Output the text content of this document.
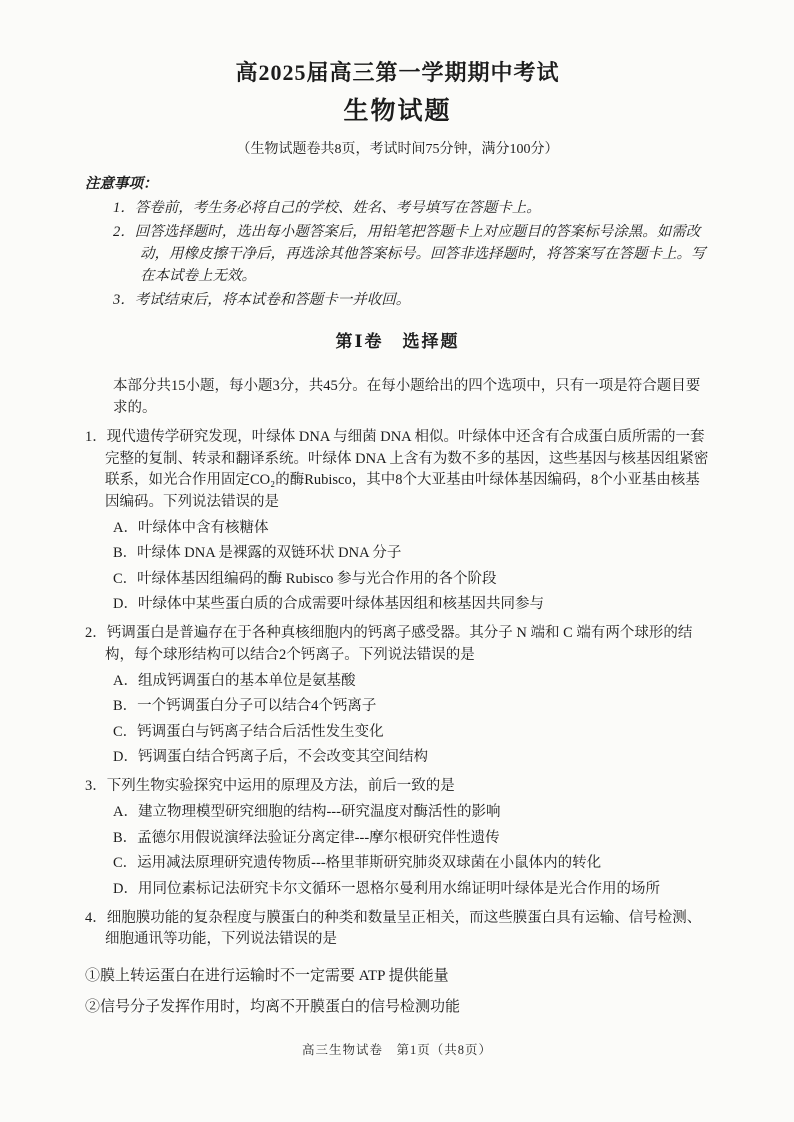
高2025届高三第一学期期中考试
生物试题
（生物试题卷共8页，考试时间75分钟，满分100分）
注意事项：
1．答卷前，考生务必将自己的学校、姓名、考号填写在答题卡上。
2．回答选择题时，选出每小题答案后，用铅笔把答题卡上对应题目的答案标号涂黑。如需改动，用橡皮擦干净后，再选涂其他答案标号。回答非选择题时，将答案写在答题卡上。写在本试卷上无效。
3．考试结束后，将本试卷和答题卡一并收回。
第Ⅰ卷　选择题

本部分共15小题，每小题3分，共45分。在每小题给出的四个选项中，只有一项是符合题目要求的。

1．现代遗传学研究发现，叶绿体 DNA 与细菌 DNA 相似。叶绿体中还含有合成蛋白质所需的一套完整的复制、转录和翻译系统。叶绿体 DNA 上含有为数不多的基因，这些基因与核基因组紧密联系，如光合作用固定CO₂的酶Rubisco，其中8个大亚基由叶绿体基因编码，8个小亚基由核基因编码。下列说法错误的是
A．叶绿体中含有核糖体
B．叶绿体 DNA 是裸露的双链环状 DNA 分子
C．叶绿体基因组编码的酶 Rubisco 参与光合作用的各个阶段
D．叶绿体中某些蛋白质的合成需要叶绿体基因组和核基因共同参与
2．钙调蛋白是普遍存在于各种真核细胞内的钙离子感受器。其分子 N 端和 C 端有两个球形的结构，每个球形结构可以结合2个钙离子。下列说法错误的是
A．组成钙调蛋白的基本单位是氨基酸
B．一个钙调蛋白分子可以结合4个钙离子
C．钙调蛋白与钙离子结合后活性发生变化
D．钙调蛋白结合钙离子后，不会改变其空间结构
3．下列生物实验探究中运用的原理及方法，前后一致的是
A．建立物理模型研究细胞的结构---研究温度对酶活性的影响
B．孟德尔用假说演绎法验证分离定律---摩尔根研究伴性遗传
C．运用减法原理研究遗传物质---格里菲斯研究肺炎双球菌在小鼠体内的转化
D．用同位素标记法研究卡尔文循环一恩格尔曼利用水绵证明叶绿体是光合作用的场所
4．细胞膜功能的复杂程度与膜蛋白的种类和数量呈正相关，而这些膜蛋白具有运输、信号检测、细胞通讯等功能，下列说法错误的是
①膜上转运蛋白在进行运输时不一定需要 ATP 提供能量
②信号分子发挥作用时，均离不开膜蛋白的信号检测功能
高三生物试卷　第1页（共8页）
